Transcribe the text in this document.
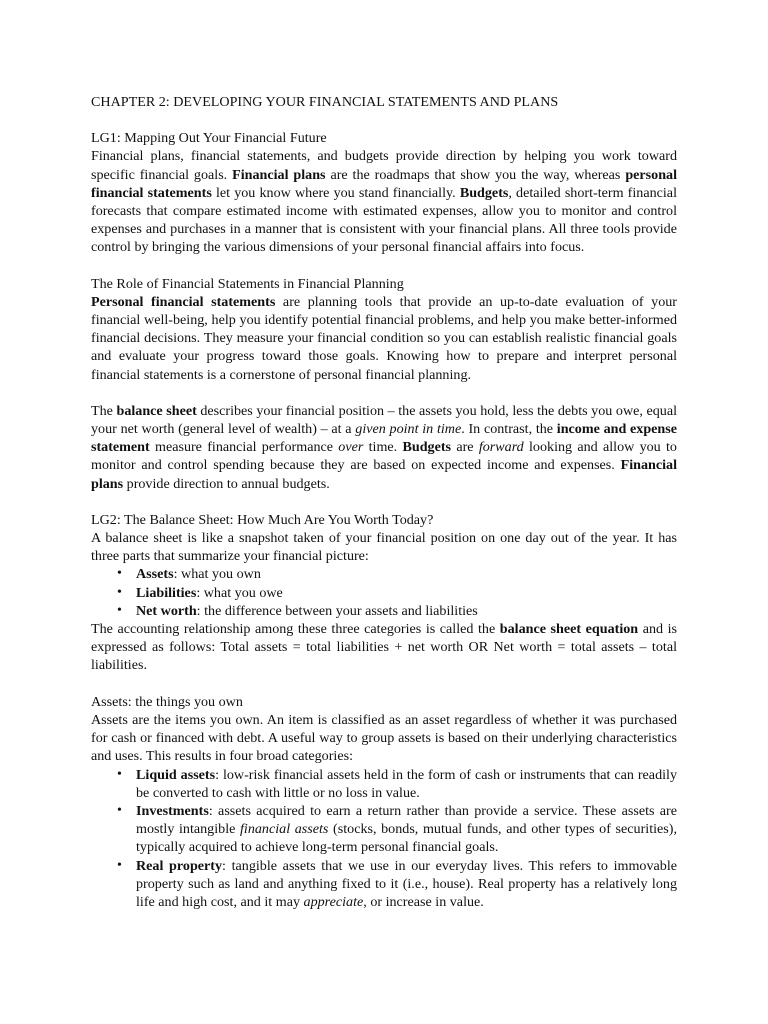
CHAPTER 2: DEVELOPING YOUR FINANCIAL STATEMENTS AND PLANS

LG1: Mapping Out Your Financial Future

Financial plans, financial statements, and budgets provide direction by helping you work toward specific financial goals. Financial plans are the roadmaps that show you the way, whereas personal financial statements let you know where you stand financially. Budgets, detailed short-term financial forecasts that compare estimated income with estimated expenses, allow you to monitor and control expenses and purchases in a manner that is consistent with your financial plans. All three tools provide control by bringing the various dimensions of your personal financial affairs into focus.

The Role of Financial Statements in Financial Planning

Personal financial statements are planning tools that provide an up-to-date evaluation of your financial well-being, help you identify potential financial problems, and help you make better-informed financial decisions. They measure your financial condition so you can establish realistic financial goals and evaluate your progress toward those goals. Knowing how to prepare and interpret personal financial statements is a cornerstone of personal financial planning.

The balance sheet describes your financial position – the assets you hold, less the debts you owe, equal your net worth (general level of wealth) – at a given point in time. In contrast, the income and expense statement measure financial performance over time. Budgets are forward looking and allow you to monitor and control spending because they are based on expected income and expenses. Financial plans provide direction to annual budgets.

LG2: The Balance Sheet: How Much Are You Worth Today?

A balance sheet is like a snapshot taken of your financial position on one day out of the year. It has three parts that summarize your financial picture:

• Assets: what you own
• Liabilities: what you owe
• Net worth: the difference between your assets and liabilities

The accounting relationship among these three categories is called the balance sheet equation and is expressed as follows: Total assets = total liabilities + net worth OR Net worth = total assets – total liabilities.

Assets: the things you own

Assets are the items you own. An item is classified as an asset regardless of whether it was purchased for cash or financed with debt. A useful way to group assets is based on their underlying characteristics and uses. This results in four broad categories:

• Liquid assets: low-risk financial assets held in the form of cash or instruments that can readily be converted to cash with little or no loss in value.
• Investments: assets acquired to earn a return rather than provide a service. These assets are mostly intangible financial assets (stocks, bonds, mutual funds, and other types of securities), typically acquired to achieve long-term personal financial goals.
• Real property: tangible assets that we use in our everyday lives. This refers to immovable property such as land and anything fixed to it (i.e., house). Real property has a relatively long life and high cost, and it may appreciate, or increase in value.
